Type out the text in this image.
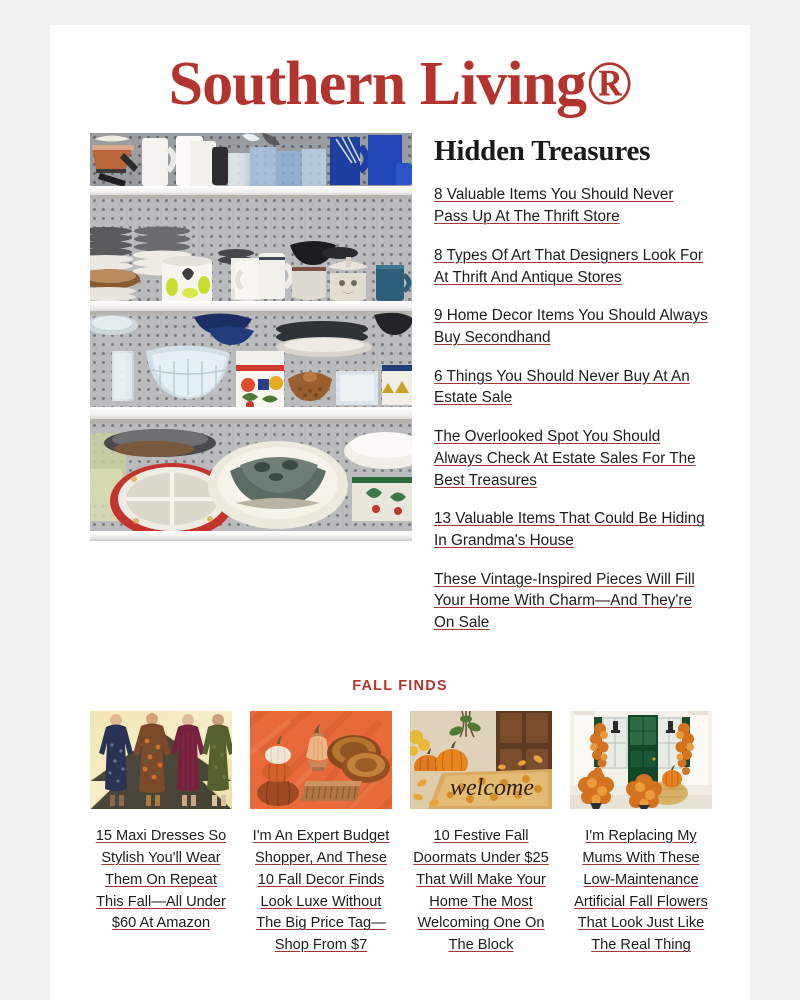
Southern Living®
Hidden Treasures
8 Valuable Items You Should Never Pass Up At The Thrift Store
8 Types Of Art That Designers Look For At Thrift And Antique Stores
9 Home Decor Items You Should Always Buy Secondhand
6 Things You Should Never Buy At An Estate Sale
The Overlooked Spot You Should Always Check At Estate Sales For The Best Treasures
13 Valuable Items That Could Be Hiding In Grandma's House
These Vintage-Inspired Pieces Will Fill Your Home With Charm—And They're On Sale
FALL FINDS
15 Maxi Dresses So Stylish You'll Wear Them On Repeat This Fall—All Under $60 At Amazon
I'm An Expert Budget Shopper, And These 10 Fall Decor Finds Look Luxe Without The Big Price Tag—Shop From $7
welcome
10 Festive Fall Doormats Under $25 That Will Make Your Home The Most Welcoming One On The Block
I'm Replacing My Mums With These Low-Maintenance Artificial Fall Flowers That Look Just Like The Real Thing
